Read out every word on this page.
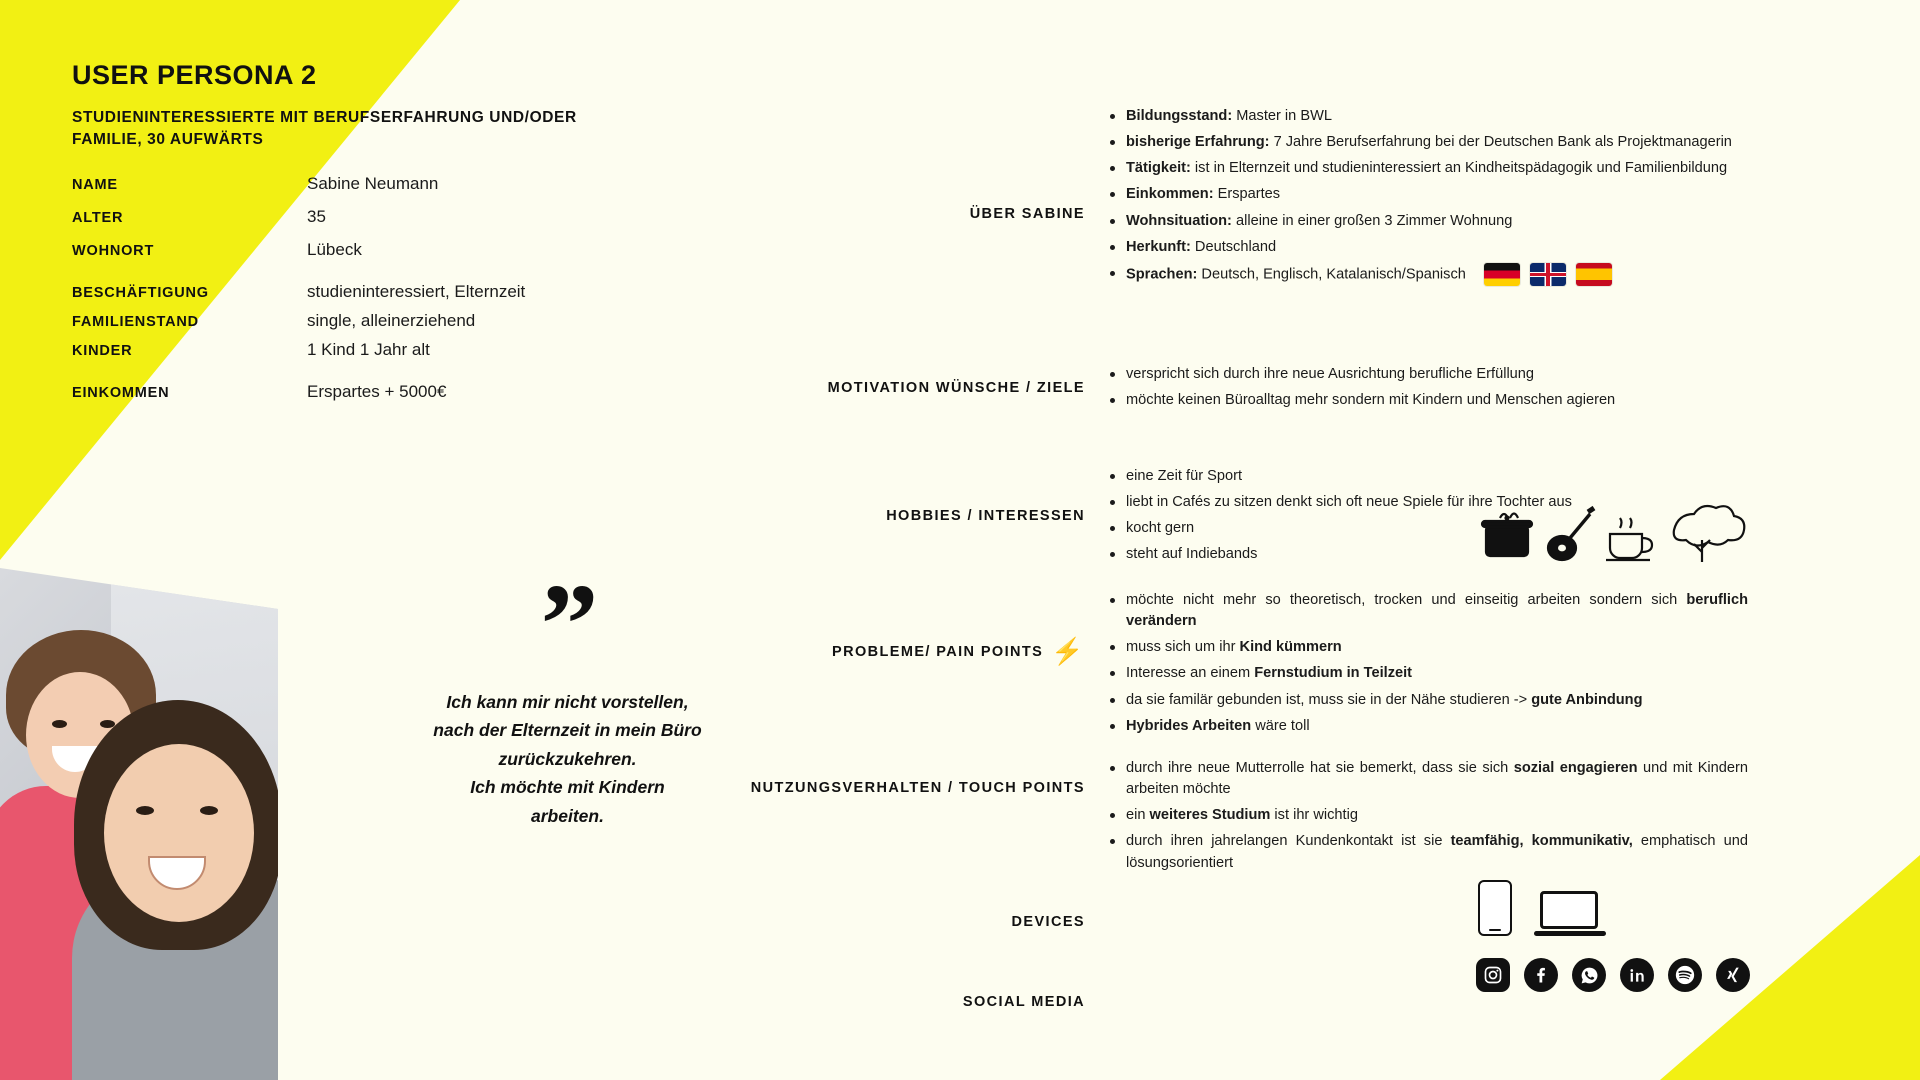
USER PERSONA 2
STUDIENINTERESSIERTE MIT BERUFSERFAHRUNG UND/ODER FAMILIE, 30 AUFWÄRTS
NAME	Sabine Neumann
ALTER	35
WOHNORT	Lübeck
BESCHÄFTIGUNG	studieninteressiert, Elternzeit
FAMILIENSTAND	single, alleinerziehend
KINDER	1 Kind 1 Jahr alt
EINKOMMEN	Erspartes + 5000€
”
Ich kann mir nicht vorstellen,
nach der Elternzeit in mein Büro
zurückzukehren.
Ich möchte mit Kindern
arbeiten.
ÜBER SABINE
MOTIVATION WÜNSCHE / ZIELE
HOBBIES / INTERESSEN
PROBLEME/ PAIN POINTS ⚡
NUTZUNGSVERHALTEN / TOUCH POINTS
DEVICES
SOCIAL MEDIA
Bildungsstand: Master in BWL
bisherige Erfahrung: 7 Jahre Berufserfahrung bei der Deutschen Bank als Projektmanagerin
Tätigkeit: ist in Elternzeit und studieninteressiert an Kindheitspädagogik und Familienbildung
Einkommen: Erspartes
Wohnsituation: alleine in einer großen 3 Zimmer Wohnung
Herkunft: Deutschland
Sprachen: Deutsch, Englisch, Katalanisch/Spanisch
verspricht sich durch ihre neue Ausrichtung berufliche Erfüllung
möchte keinen Büroalltag mehr sondern mit Kindern und Menschen agieren
eine Zeit für Sport
liebt in Cafés zu sitzen denkt sich oft neue Spiele für ihre Tochter aus
kocht gern
steht auf Indiebands
möchte nicht mehr so theoretisch, trocken und einseitig arbeiten sondern sich beruflich verändern
muss sich um ihr Kind kümmern
Interesse an einem Fernstudium in Teilzeit
da sie familär gebunden ist, muss sie in der Nähe studieren -> gute Anbindung
Hybrides Arbeiten wäre toll
durch ihre neue Mutterrolle hat sie bemerkt, dass sie sich sozial engagieren und mit Kindern arbeiten möchte
ein weiteres Studium ist ihr wichtig
durch ihren jahrelangen Kundenkontakt ist sie teamfähig, kommunikativ, emphatisch und lösungsorientiert
